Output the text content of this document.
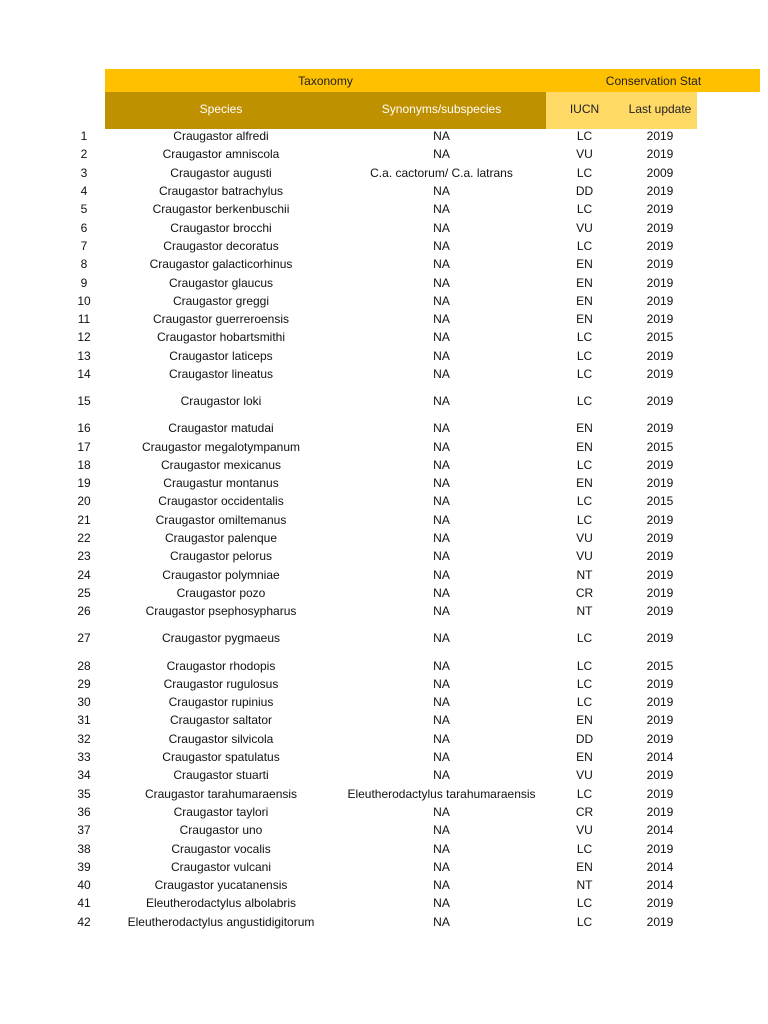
Taxonomy	Conservation Stat
Species	Synonyms/subspecies	IUCN	Last update
1	Craugastor alfredi	NA	LC	2019
2	Craugastor amniscola	NA	VU	2019
3	Craugastor augusti	C.a. cactorum/ C.a. latrans	LC	2009
4	Craugastor batrachylus	NA	DD	2019
5	Craugastor berkenbuschii	NA	LC	2019
6	Craugastor brocchi	NA	VU	2019
7	Craugastor decoratus	NA	LC	2019
8	Craugastor galacticorhinus	NA	EN	2019
9	Craugastor glaucus	NA	EN	2019
10	Craugastor greggi	NA	EN	2019
11	Craugastor guerreroensis	NA	EN	2019
12	Craugastor hobartsmithi	NA	LC	2015
13	Craugastor laticeps	NA	LC	2019
14	Craugastor lineatus	NA	LC	2019
15	Craugastor loki	NA	LC	2019
16	Craugastor matudai	NA	EN	2019
17	Craugastor megalotympanum	NA	EN	2015
18	Craugastor mexicanus	NA	LC	2019
19	Craugastur montanus	NA	EN	2019
20	Craugastor occidentalis	NA	LC	2015
21	Craugastor omiltemanus	NA	LC	2019
22	Craugastor palenque	NA	VU	2019
23	Craugastor pelorus	NA	VU	2019
24	Craugastor polymniae	NA	NT	2019
25	Craugastor pozo	NA	CR	2019
26	Craugastor psephosypharus	NA	NT	2019
27	Craugastor pygmaeus	NA	LC	2019
28	Craugastor rhodopis	NA	LC	2015
29	Craugastor rugulosus	NA	LC	2019
30	Craugastor rupinius	NA	LC	2019
31	Craugastor saltator	NA	EN	2019
32	Craugastor silvicola	NA	DD	2019
33	Craugastor spatulatus	NA	EN	2014
34	Craugastor stuarti	NA	VU	2019
35	Craugastor tarahumaraensis	Eleutherodactylus tarahumaraensis	LC	2019
36	Craugastor taylori	NA	CR	2019
37	Craugastor uno	NA	VU	2014
38	Craugastor vocalis	NA	LC	2019
39	Craugastor vulcani	NA	EN	2014
40	Craugastor yucatanensis	NA	NT	2014
41	Eleutherodactylus albolabris	NA	LC	2019
42	Eleutherodactylus angustidigitorum	NA	LC	2019
